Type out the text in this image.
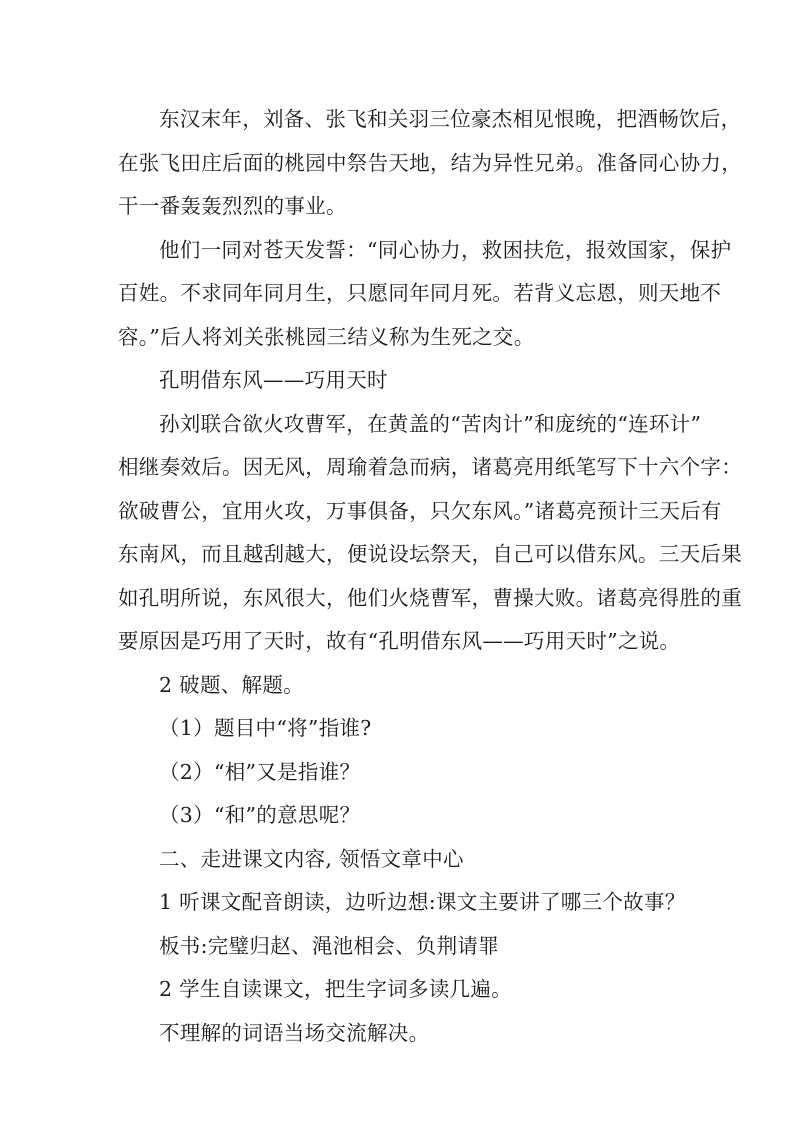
东汉末年，刘备、张飞和关羽三位豪杰相见恨晚，把酒畅饮后，
在张飞田庄后面的桃园中祭告天地，结为异性兄弟。准备同心协力，
干一番轰轰烈烈的事业。
他们一同对苍天发誓：“同心协力，救困扶危，报效国家，保护
百姓。不求同年同月生，只愿同年同月死。若背义忘恩，则天地不
容。”后人将刘关张桃园三结义称为生死之交。
孔明借东风——巧用天时
孙刘联合欲火攻曹军，在黄盖的“苦肉计”和庞统的“连环计”
相继奏效后。因无风，周瑜着急而病，诸葛亮用纸笔写下十六个字：
欲破曹公，宜用火攻，万事俱备，只欠东风。”诸葛亮预计三天后有
东南风，而且越刮越大，便说设坛祭天，自己可以借东风。三天后果
如孔明所说，东风很大，他们火烧曹军，曹操大败。诸葛亮得胜的重
要原因是巧用了天时，故有“孔明借东风——巧用天时”之说。
2 破题、解题。
（1）题目中“将”指谁?
（2）“相”又是指谁？
（3）“和”的意思呢？
二、走进课文内容, 领悟文章中心
1 听课文配音朗读，边听边想:课文主要讲了哪三个故事？
板书:完璧归赵、渑池相会、负荆请罪
2 学生自读课文，把生字词多读几遍。
不理解的词语当场交流解决。
